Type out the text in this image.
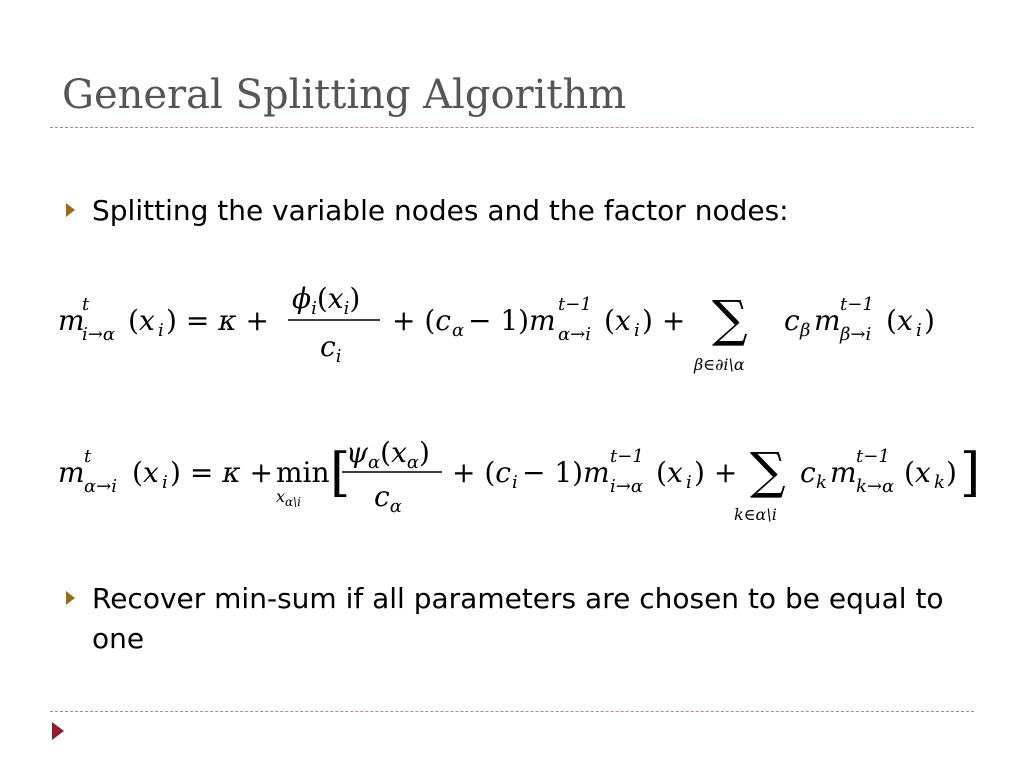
General Splitting Algorithm
Splitting the variable nodes and the factor nodes:
m
t
i→α (x i ) = κ +
$\phi_i(x_i)$
$c_i$
+ (c α − 1)m t−1
α→i (x i ) + ∑
β∈∂i\α
c β m t−1
β→i (x i )
m t
α→i (x i ) = κ + min
$x_{\alpha\backslash i}$ [
$\psi_\alpha(x_\alpha)$
$c_\alpha$
+ (c i − 1)m t−1
i→α (x i ) + ∑
k∈α\i
c k m t−1
k→α (x k ) ]
Recover min-sum if all parameters are chosen to be equal to one
